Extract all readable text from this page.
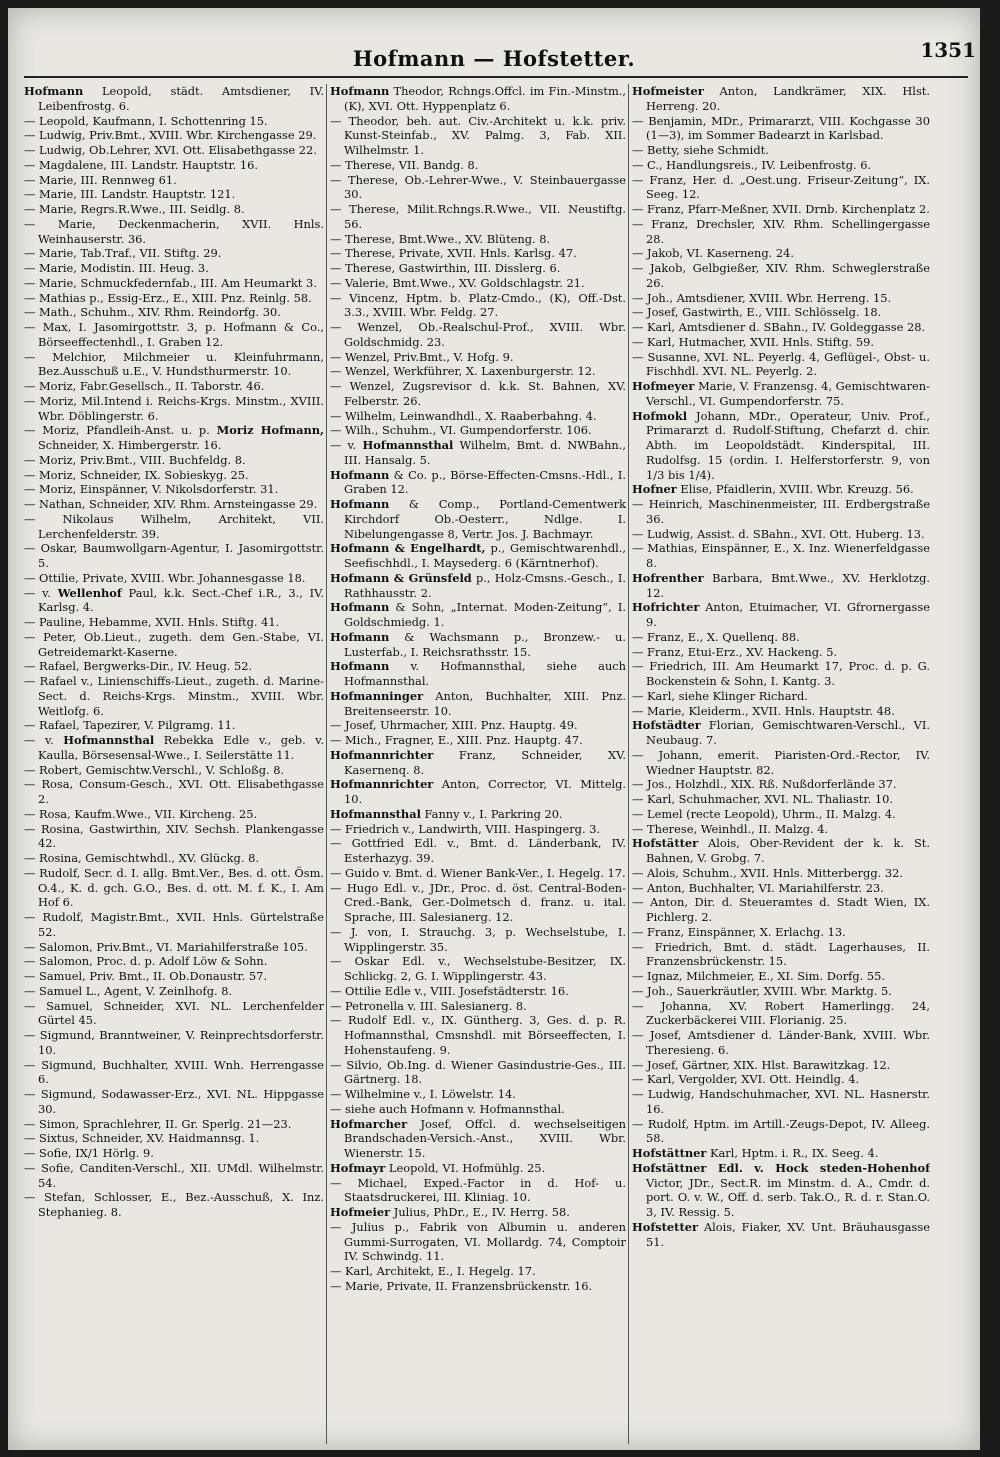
Hofmann — Hofstetter.	1351

Hofmann Leopold, städt. Amtsdiener, IV. Leibenfrostg. 6.

— Leopold, Kaufmann, I. Schottenring 15.

— Ludwig, Priv.Bmt., XVIII. Wbr. Kirchengasse 29.

— Ludwig, Ob.Lehrer, XVI. Ott. Elisabethgasse 22.

— Magdalene, III. Landstr. Hauptstr. 16.

— Marie, III. Rennweg 61.

— Marie, III. Landstr. Hauptstr. 121.

— Marie, Regrs.R.Wwe., III. Seidlg. 8.

— Marie, Deckenmacherin, XVII. Hnls. Weinhauserstr. 36.

— Marie, Tab.Traf., VII. Stiftg. 29.

— Marie, Modistin. III. Heug. 3.

— Marie, Schmuckfedernfab., III. Am Heumarkt 3.

— Mathias p., Essig-Erz., E., XIII. Pnz. Reinlg. 58.

— Math., Schuhm., XIV. Rhm. Reindorfg. 30.

— Max, I. Jasomirgottstr. 3, p. Hofmann & Co., Börseeffectenhdl., I. Graben 12.

— Melchior, Milchmeier u. Kleinfuhrmann, Bez.Ausschuß u.E., V. Hundsthurmerstr. 10.

— Moriz, Fabr.Gesellsch., II. Taborstr. 46.

— Moriz, Mil.Intend i. Reichs-Krgs. Minstm., XVIII. Wbr. Döblingerstr. 6.

— Moriz, Pfandleih-Anst. u. p. Moriz Hofmann, Schneider, X. Himbergerstr. 16.

— Moriz, Priv.Bmt., VIII. Buchfeldg. 8.

— Moriz, Schneider, IX. Sobieskyg. 25.

— Moriz, Einspänner, V. Nikolsdorferstr. 31.

— Nathan, Schneider, XIV. Rhm. Arnsteingasse 29.

— Nikolaus Wilhelm, Architekt, VII. Lerchenfelderstr. 39.

— Oskar, Baumwollgarn-Agentur, I. Jasomirgottstr. 5.

— Ottilie, Private, XVIII. Wbr. Johannesgasse 18.

— v. Wellenhof Paul, k.k. Sect.-Chef i.R., 3., IV. Karlsg. 4.

— Pauline, Hebamme, XVII. Hnls. Stiftg. 41.

— Peter, Ob.Lieut., zugeth. dem Gen.-Stabe, VI. Getreidemarkt-Kaserne.

— Rafael, Bergwerks-Dir., IV. Heug. 52.

— Rafael v., Linienschiffs-Lieut., zugeth. d. Marine-Sect. d. Reichs-Krgs. Minstm., XVIII. Wbr. Weitlofg. 6.

— Rafael, Tapezirer, V. Pilgramg. 11.

— v. Hofmannsthal Rebekka Edle v., geb. v. Kaulla, Börsesensal-Wwe., I. Seilerstätte 11.

— Robert, Gemischtw.Verschl., V. Schloßg. 8.

— Rosa, Consum-Gesch., XVI. Ott. Elisabethgasse 2.

— Rosa, Kaufm.Wwe., VII. Kircheng. 25.

— Rosina, Gastwirthin, XIV. Sechsh. Plankengasse 42.

— Rosina, Gemischtwhdl., XV. Glückg. 8.

— Rudolf, Secr. d. I. allg. Bmt.Ver., Bes. d. ott. Ösm. O.4., K. d. gch. G.O., Bes. d. ott. M. f. K., I. Am Hof 6.

— Rudolf, Magistr.Bmt., XVII. Hnls. Gürtelstraße 52.

— Salomon, Priv.Bmt., VI. Mariahilferstraße 105.

— Salomon, Proc. d. p. Adolf Löw & Sohn.

— Samuel, Priv. Bmt., II. Ob.Donaustr. 57.

— Samuel L., Agent, V. Zeinlhofg. 8.

— Samuel, Schneider, XVI. NL. Lerchenfelder Gürtel 45.

— Sigmund, Branntweiner, V. Reinprechtsdorferstr. 10.

— Sigmund, Buchhalter, XVIII. Wnh. Herrengasse 6.

— Sigmund, Sodawasser-Erz., XVI. NL. Hippgasse 30.

— Simon, Sprachlehrer, II. Gr. Sperlg. 21—23.

— Sixtus, Schneider, XV. Haidmannsg. 1.

— Sofie, IX/1 Hörlg. 9.

— Sofie, Canditen-Verschl., XII. UMdl. Wilhelmstr. 54.

— Stefan, Schlosser, E., Bez.-Ausschuß, X. Inz. Stephanieg. 8.

Hofmann Theodor, Rchngs.Offcl. im Fin.-Minstm., (K), XVI. Ott. Hyppenplatz 6.

— Theodor, beh. aut. Civ.-Architekt u. k.k. priv. Kunst-Steinfab., XV. Palmg. 3, Fab. XII. Wilhelmstr. 1.

— Therese, VII. Bandg. 8.

— Therese, Ob.-Lehrer-Wwe., V. Steinbauergasse 30.

— Therese, Milit.Rchngs.R.Wwe., VII. Neustiftg. 56.

— Therese, Bmt.Wwe., XV. Blüteng. 8.

— Therese, Private, XVII. Hnls. Karlsg. 47.

— Therese, Gastwirthin, III. Disslerg. 6.

— Valerie, Bmt.Wwe., XV. Goldschlagstr. 21.

— Vincenz, Hptm. b. Platz-Cmdo., (K), Off.-Dst. 3.3., XVIII. Wbr. Feldg. 27.

— Wenzel, Ob.-Realschul-Prof., XVIII. Wbr. Goldschmidg. 23.

— Wenzel, Priv.Bmt., V. Hofg. 9.

— Wenzel, Werkführer, X. Laxenburgerstr. 12.

— Wenzel, Zugsrevisor d. k.k. St. Bahnen, XV. Felberstr. 26.

— Wilhelm, Leinwandhdl., X. Raaberbahng. 4.

— Wilh., Schuhm., VI. Gumpendorferstr. 106.

— v. Hofmannsthal Wilhelm, Bmt. d. NWBahn., III. Hansalg. 5.

Hofmann & Co. p., Börse-Effecten-Cmsns.-Hdl., I. Graben 12.

Hofmann & Comp., Portland-Cementwerk Kirchdorf Ob.-Oesterr., Ndlge. I. Nibelungengasse 8, Vertr. Jos. J. Bachmayr.

Hofmann & Engelhardt, p., Gemischtwarenhdl., Seefischhdl., I. Maysederg. 6 (Kärntnerhof).

Hofmann & Grünsfeld p., Holz-Cmsns.-Gesch., I. Rathhausstr. 2.

Hofmann & Sohn, „Internat. Moden-Zeitung“, I. Goldschmiedg. 1.

Hofmann & Wachsmann p., Bronzew.- u. Lusterfab., I. Reichsrathsstr. 15.

Hofmann v. Hofmannsthal, siehe auch Hofmannsthal.

Hofmanninger Anton, Buchhalter, XIII. Pnz. Breitenseerstr. 10.

— Josef, Uhrmacher, XIII. Pnz. Hauptg. 49.

— Mich., Fragner, E., XIII. Pnz. Hauptg. 47.

Hofmannrichter Franz, Schneider, XV. Kasernenq. 8.

Hofmannrichter Anton, Corrector, VI. Mittelg. 10.

Hofmannsthal Fanny v., I. Parkring 20.

— Friedrich v., Landwirth, VIII. Haspingerg. 3.

— Gottfried Edl. v., Bmt. d. Länderbank, IV. Esterhazyg. 39.

— Guido v. Bmt. d. Wiener Bank-Ver., I. Hegelg. 17.

— Hugo Edl. v., JDr., Proc. d. öst. Central-Boden-Cred.-Bank, Ger.-Dolmetsch d. franz. u. ital. Sprache, III. Salesianerg. 12.

— J. von, I. Strauchg. 3, p. Wechselstube, I. Wipplingerstr. 35.

— Oskar Edl. v., Wechselstube-Besitzer, IX. Schlickg. 2, G. I. Wipplingerstr. 43.

— Ottilie Edle v., VIII. Josefstädterstr. 16.

— Petronella v. III. Salesianerg. 8.

— Rudolf Edl. v., IX. Güntherg. 3, Ges. d. p. R. Hofmannsthal, Cmsnshdl. mit Börseeffecten, I. Hohenstaufeng. 9.

— Silvio, Ob.Ing. d. Wiener Gasindustrie-Ges., III. Gärtnerg. 18.

— Wilhelmine v., I. Löwelstr. 14.

— siehe auch Hofmann v. Hofmannsthal.

Hofmarcher Josef, Offcl. d. wechselseitigen Brandschaden-Versich.-Anst., XVIII. Wbr. Wienerstr. 15.

Hofmayr Leopold, VI. Hofmühlg. 25.

— Michael, Exped.-Factor in d. Hof- u. Staatsdruckerei, III. Kliniag. 10.

Hofmeier Julius, PhDr., E., IV. Herrg. 58.

— Julius p., Fabrik von Albumin u. anderen Gummi-Surrogaten, VI. Mollardg. 74, Comptoir IV. Schwindg. 11.

— Karl, Architekt, E., I. Hegelg. 17.

— Marie, Private, II. Franzensbrückenstr. 16.

Hofmeister Anton, Landkrämer, XIX. Hlst. Herreng. 20.

— Benjamin, MDr., Primararzt, VIII. Kochgasse 30 (1—3), im Sommer Badearzt in Karlsbad.

— Betty, siehe Schmidt.

— C., Handlungsreis., IV. Leibenfrostg. 6.

— Franz, Her. d. „Oest.ung. Friseur-Zeitung“, IX. Seeg. 12.

— Franz, Pfarr-Meßner, XVII. Drnb. Kirchenplatz 2.

— Franz, Drechsler, XIV. Rhm. Schellingergasse 28.

— Jakob, VI. Kaserneng. 24.

— Jakob, Gelbgießer, XIV. Rhm. Schweglerstraße 26.

— Joh., Amtsdiener, XVIII. Wbr. Herreng. 15.

— Josef, Gastwirth, E., VIII. Schlösselg. 18.

— Karl, Amtsdiener d. SBahn., IV. Goldeggasse 28.

— Karl, Hutmacher, XVII. Hnls. Stiftg. 59.

— Susanne, XVI. NL. Peyerlg. 4, Geflügel-, Obst- u. Fischhdl. XVI. NL. Peyerlg. 2.

Hofmeyer Marie, V. Franzensg. 4, Gemischtwaren-Verschl., VI. Gumpendorferstr. 75.

Hofmokl Johann, MDr., Operateur, Univ. Prof., Primararzt d. Rudolf-Stiftung, Chefarzt d. chir. Abth. im Leopoldstädt. Kinderspital, III. Rudolfsg. 15 (ordin. I. Helferstorferstr. 9, von 1/3 bis 1/4).

Hofner Elise, Pfaidlerin, XVIII. Wbr. Kreuzg. 56.

— Heinrich, Maschinenmeister, III. Erdbergstraße 36.

— Ludwig, Assist. d. SBahn., XVI. Ott. Huberg. 13.

— Mathias, Einspänner, E., X. Inz. Wienerfeldgasse 8.

Hofrenther Barbara, Bmt.Wwe., XV. Herklotzg. 12.

Hofrichter Anton, Etuimacher, VI. Gfrornergasse 9.

— Franz, E., X. Quellenq. 88.

— Franz, Etui-Erz., XV. Hackeng. 5.

— Friedrich, III. Am Heumarkt 17, Proc. d. p. G. Bockenstein & Sohn, I. Kantg. 3.

— Karl, siehe Klinger Richard.

— Marie, Kleiderm., XVII. Hnls. Hauptstr. 48.

Hofstädter Florian, Gemischtwaren-Verschl., VI. Neubaug. 7.

— Johann, emerit. Piaristen-Ord.-Rector, IV. Wiedner Hauptstr. 82.

— Jos., Holzhdl., XIX. Rß. Nußdorferlände 37.

— Karl, Schuhmacher, XVI. NL. Thaliastr. 10.

— Lemel (recte Leopold), Uhrm., II. Malzg. 4.

— Therese, Weinhdl., II. Malzg. 4.

Hofstätter Alois, Ober-Revident der k. k. St. Bahnen, V. Grobg. 7.

— Alois, Schuhm., XVII. Hnls. Mitterbergg. 32.

— Anton, Buchhalter, VI. Mariahilferstr. 23.

— Anton, Dir. d. Steueramtes d. Stadt Wien, IX. Pichlerg. 2.

— Franz, Einspänner, X. Erlachg. 13.

— Friedrich, Bmt. d. städt. Lagerhauses, II. Franzensbrückenstr. 15.

— Ignaz, Milchmeier, E., XI. Sim. Dorfg. 55.

— Joh., Sauerkräutler, XVIII. Wbr. Marktg. 5.

— Johanna, XV. Robert Hamerlingg. 24, Zuckerbäckerei VIII. Florianig. 25.

— Josef, Amtsdiener d. Länder-Bank, XVIII. Wbr. Theresieng. 6.

— Josef, Gärtner, XIX. Hlst. Barawitzkag. 12.

— Karl, Vergolder, XVI. Ott. Heindlg. 4.

— Ludwig, Handschuhmacher, XVI. NL. Hasnerstr. 16.

— Rudolf, Hptm. im Artill.-Zeugs-Depot, IV. Alleeg. 58.

Hofstättner Karl, Hptm. i. R., IX. Seeg. 4.

Hofstättner Edl. v. Hock steden-Hohenhof Victor, JDr., Sect.R. im Minstm. d. A., Cmdr. d. port. O. v. W., Off. d. serb. Tak.O., R. d. r. Stan.O. 3, IV. Ressig. 5.

Hofstetter Alois, Fiaker, XV. Unt. Bräuhausgasse 51.
